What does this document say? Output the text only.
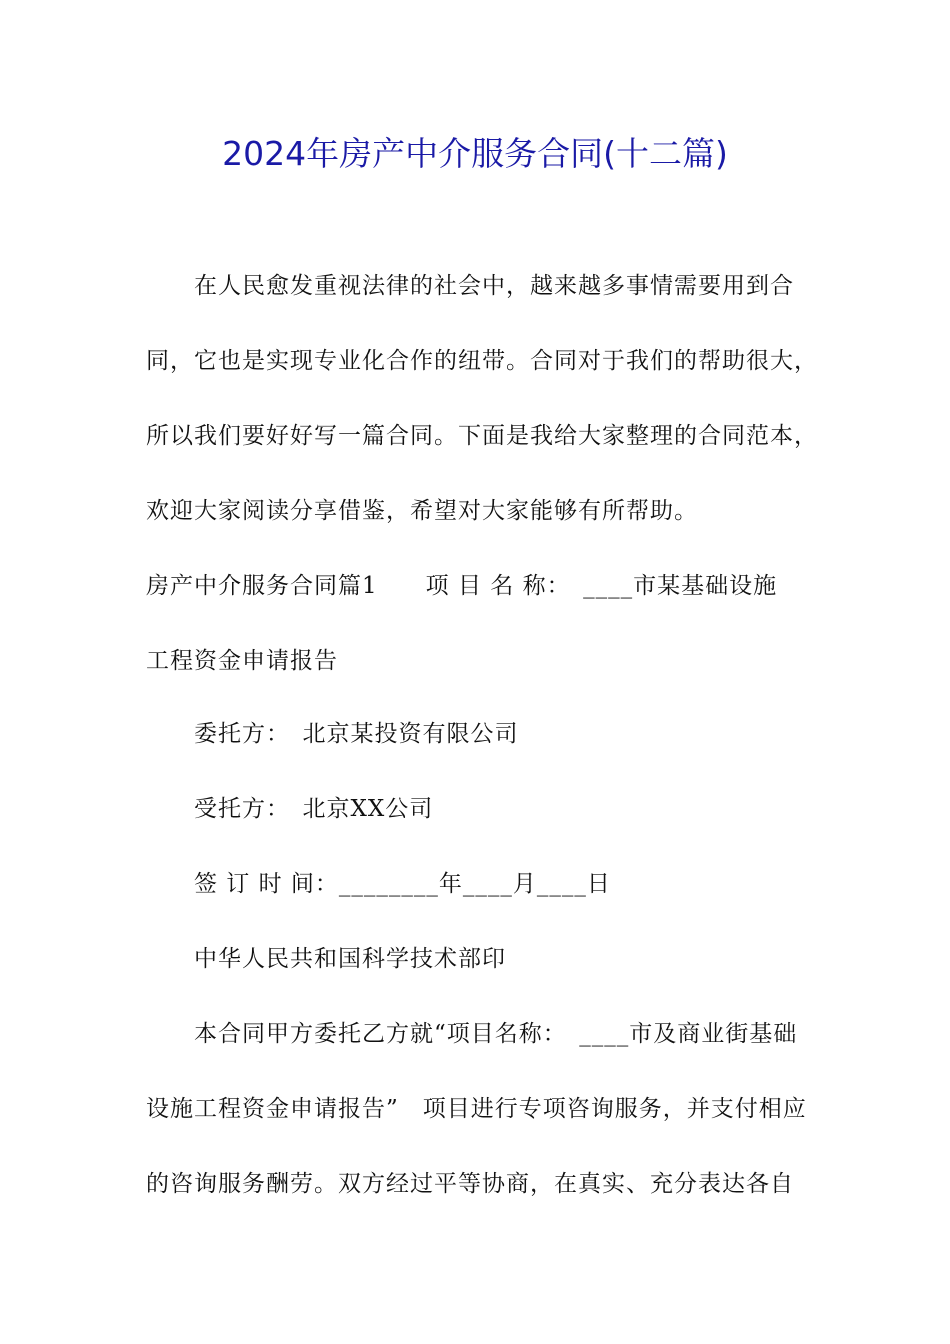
2024年房产中介服务合同(十二篇)
在人民愈发重视法律的社会中，越来越多事情需要用到合
同，它也是实现专业化合作的纽带。合同对于我们的帮助很大，
所以我们要好好写一篇合同。下面是我给大家整理的合同范本，
欢迎大家阅读分享借鉴，希望对大家能够有所帮助。
房产中介服务合同篇1　　项 目 名 称：　____市某基础设施
工程资金申请报告
委托方：　北京某投资有限公司
受托方：　北京XX公司
签 订 时 间：________年____月____日
中华人民共和国科学技术部印
本合同甲方委托乙方就“项目名称：　____市及商业街基础
设施工程资金申请报告”　项目进行专项咨询服务，并支付相应
的咨询服务酬劳。双方经过平等协商，在真实、充分表达各自
